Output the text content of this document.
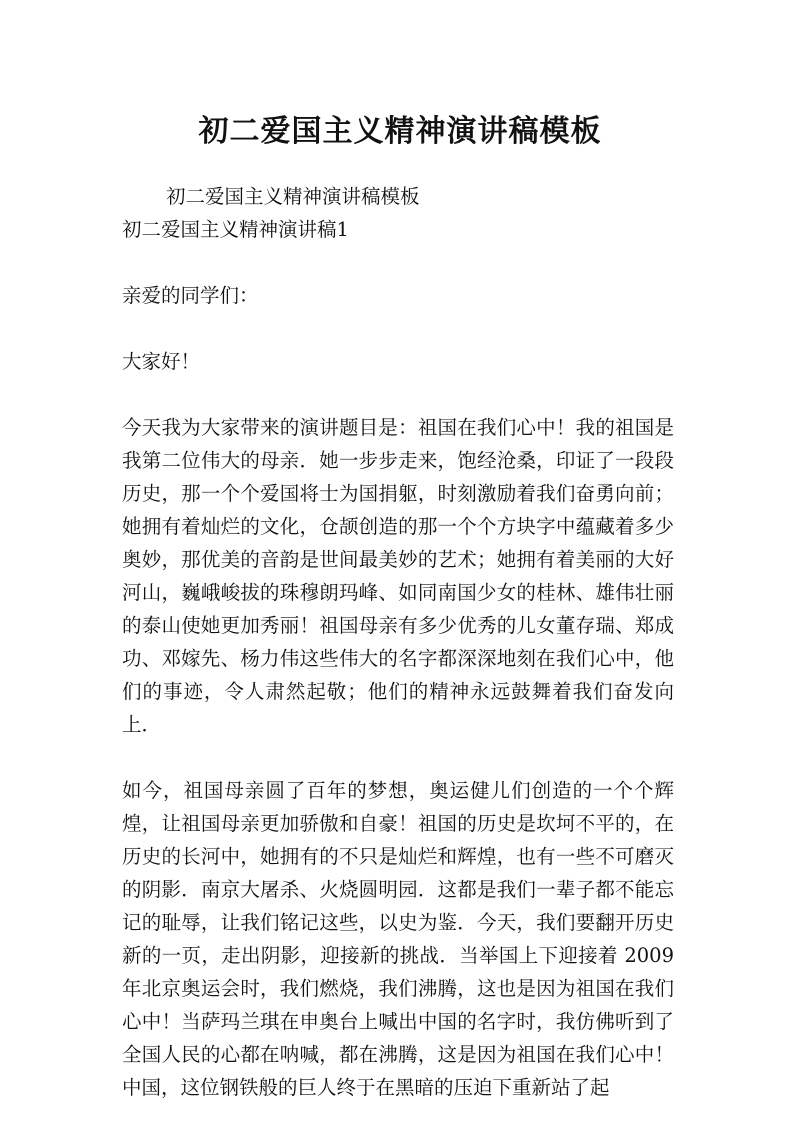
初二爱国主义精神演讲稿模板

初二爱国主义精神演讲稿模板

初二爱国主义精神演讲稿1

亲爱的同学们：

大家好！

今天我为大家带来的演讲题目是：祖国在我们心中！我的祖国是我第二位伟大的母亲．她一步步走来，饱经沧桑，印证了一段段历史，那一个个爱国将士为国捐躯，时刻激励着我们奋勇向前；她拥有着灿烂的文化，仓颉创造的那一个个方块字中蕴藏着多少奥妙，那优美的音韵是世间最美妙的艺术；她拥有着美丽的大好河山，巍峨峻拔的珠穆朗玛峰、如同南国少女的桂林、雄伟壮丽的泰山使她更加秀丽！祖国母亲有多少优秀的儿女董存瑞、郑成功、邓嫁先、杨力伟这些伟大的名字都深深地刻在我们心中，他们的事迹，令人肃然起敬；他们的精神永远鼓舞着我们奋发向上．

如今，祖国母亲圆了百年的梦想，奥运健儿们创造的一个个辉煌，让祖国母亲更加骄傲和自豪！祖国的历史是坎坷不平的，在历史的长河中，她拥有的不只是灿烂和辉煌，也有一些不可磨灭的阴影．南京大屠杀、火烧圆明园．这都是我们一辈子都不能忘记的耻辱，让我们铭记这些，以史为鉴．今天，我们要翻开历史新的一页，走出阴影，迎接新的挑战．当举国上下迎接着 2009 年北京奥运会时，我们燃烧，我们沸腾，这也是因为祖国在我们心中！当萨玛兰琪在申奥台上喊出中国的名字时，我仿佛听到了全国人民的心都在呐喊，都在沸腾，这是因为祖国在我们心中！中国，这位钢铁般的巨人终于在黑暗的压迫下重新站了起
